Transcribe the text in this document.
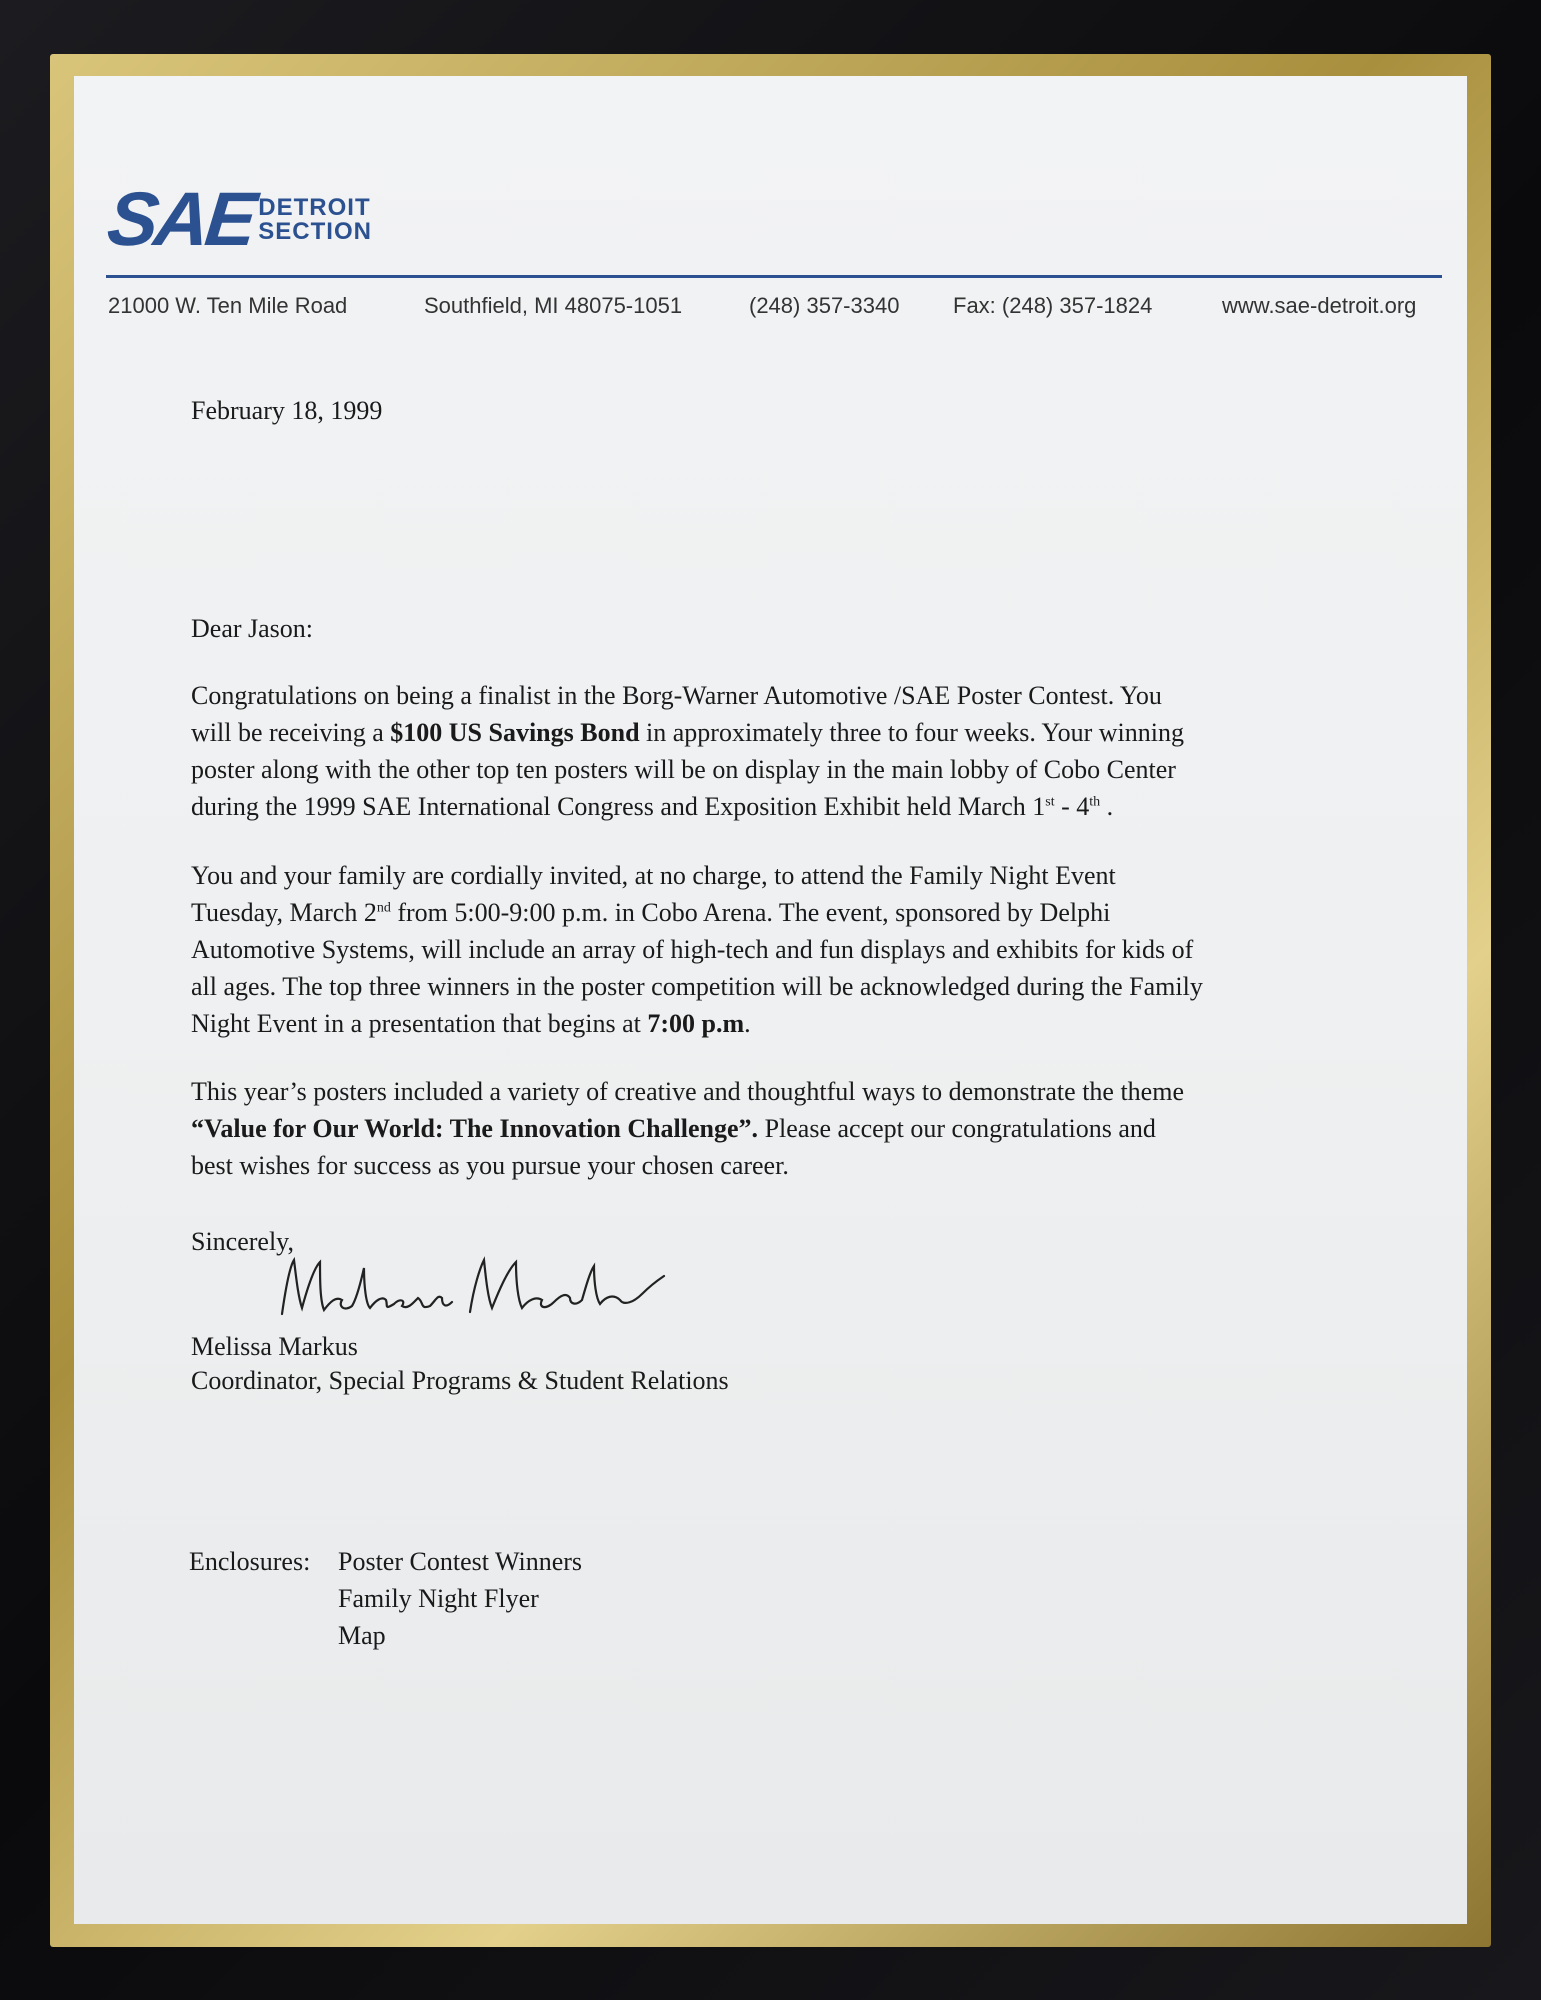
SAE DETROIT
SECTION
21000 W. Ten Mile Road	Southfield, MI 48075-1051	(248) 357-3340 Fax: (248) 357-1824	www.sae-detroit.org
February 18, 1999
Dear Jason:
Congratulations on being a finalist in the Borg-Warner Automotive /SAE Poster Contest. You
will be receiving a $100 US Savings Bond in approximately three to four weeks. Your winning
poster along with the other top ten posters will be on display in the main lobby of Cobo Center
during the 1999 SAE International Congress and Exposition Exhibit held March 1st - 4th .
You and your family are cordially invited, at no charge, to attend the Family Night Event
Tuesday, March 2nd from 5:00-9:00 p.m. in Cobo Arena. The event, sponsored by Delphi
Automotive Systems, will include an array of high-tech and fun displays and exhibits for kids of
all ages. The top three winners in the poster competition will be acknowledged during the Family
Night Event in a presentation that begins at 7:00 p.m.
This year’s posters included a variety of creative and thoughtful ways to demonstrate the theme
“Value for Our World: The Innovation Challenge”. Please accept our congratulations and
best wishes for success as you pursue your chosen career.
Sincerely,
Melissa Markus
Coordinator, Special Programs & Student Relations
Enclosures: Poster Contest Winners
Family Night Flyer
Map
